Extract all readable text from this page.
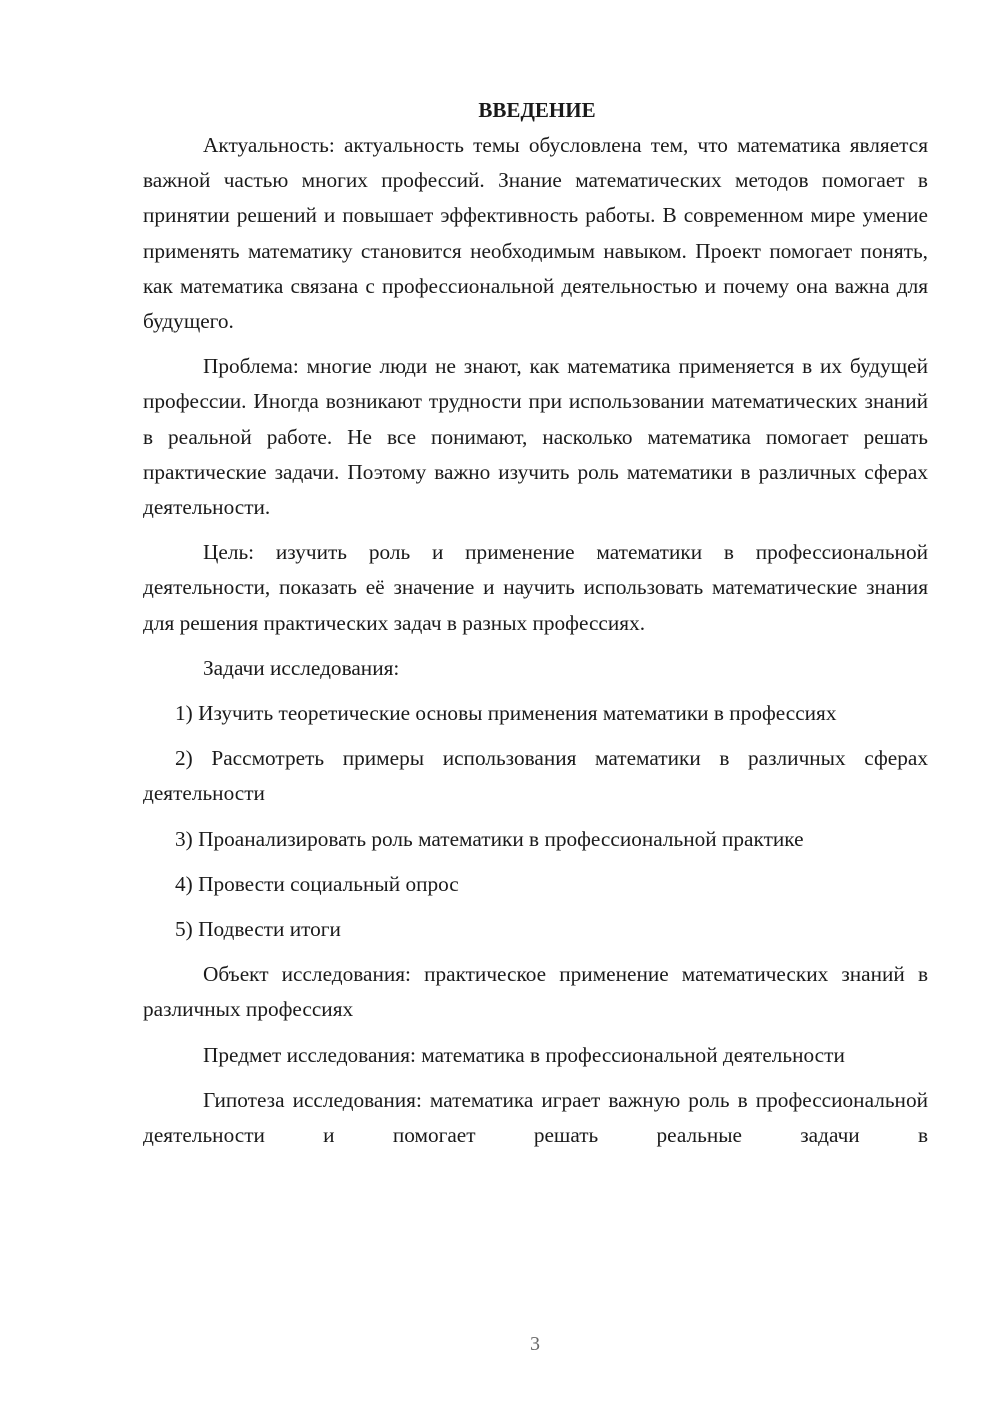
ВВЕДЕНИЕ

Актуальность: актуальность темы обусловлена тем, что математика является важной частью многих профессий. Знание математических методов помогает в принятии решений и повышает эффективность работы. В современном мире умение применять математику становится необходимым навыком. Проект помогает понять, как математика связана с профессиональной деятельностью и почему она важна для будущего.

Проблема: многие люди не знают, как математика применяется в их будущей профессии. Иногда возникают трудности при использовании математических знаний в реальной работе. Не все понимают, насколько математика помогает решать практические задачи. Поэтому важно изучить роль математики в различных сферах деятельности.

Цель: изучить роль и применение математики в профессиональной деятельности, показать её значение и научить использовать математические знания для решения практических задач в разных профессиях.

Задачи исследования:

1) Изучить теоретические основы применения математики в профессиях

2) Рассмотреть примеры использования математики в различных сферах деятельности

3) Проанализировать роль математики в профессиональной практике

4) Провести социальный опрос

5) Подвести итоги

Объект исследования: практическое применение математических знаний в различных профессиях

Предмет исследования: математика в профессиональной деятельности

Гипотеза исследования: математика играет важную роль в профессиональной деятельности и помогает решать реальные задачи в

3
